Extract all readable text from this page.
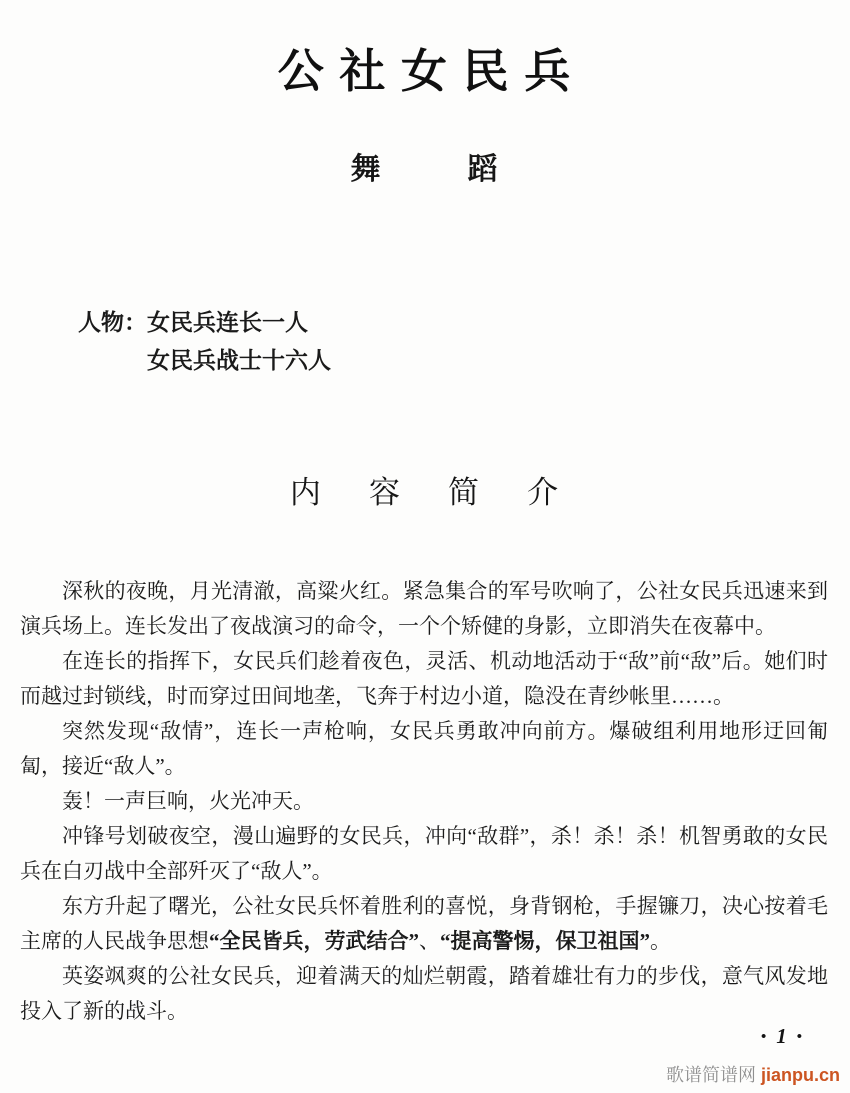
公社女民兵
舞蹈
人物： 女民兵连长一人
女民兵战士十六人
内容简介

深秋的夜晚，月光清澈，高粱火红。紧急集合的军号吹响了，公社女民兵迅速来到演兵场上。连长发出了夜战演习的命令，一个个矫健的身影，立即消失在夜幕中。

在连长的指挥下，女民兵们趁着夜色，灵活、机动地活动于“敌”前“敌”后。她们时而越过封锁线，时而穿过田间地垄，飞奔于村边小道，隐没在青纱帐里……。

突然发现“敌情”，连长一声枪响，女民兵勇敢冲向前方。爆破组利用地形迂回匍匐，接近“敌人”。

轰！一声巨响，火光冲天。

冲锋号划破夜空，漫山遍野的女民兵，冲向“敌群”，杀！杀！杀！机智勇敢的女民兵在白刃战中全部歼灭了“敌人”。

东方升起了曙光，公社女民兵怀着胜利的喜悦，身背钢枪，手握镰刀，决心按着毛主席的人民战争思想“全民皆兵，劳武结合”、“提高警惕，保卫祖国”。

英姿飒爽的公社女民兵，迎着满天的灿烂朝霞，踏着雄壮有力的步伐，意气风发地投入了新的战斗。

• 1 •
歌谱简谱网 jianpu.cn
